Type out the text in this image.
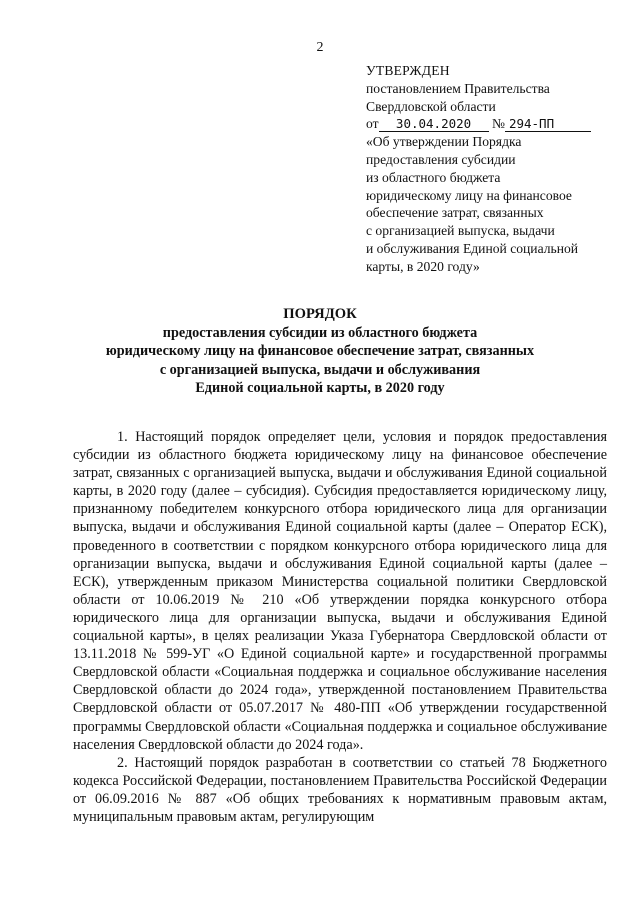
2
УТВЕРЖДЕН
постановлением Правительства
Свердловской области
от 30.04.2020 № 294-ПП
«Об утверждении Порядка
предоставления субсидии
из областного бюджета
юридическому лицу на финансовое
обеспечение затрат, связанных
с организацией выпуска, выдачи
и обслуживания Единой социальной
карты, в 2020 году»
ПОРЯДОК
предоставления субсидии из областного бюджета
юридическому лицу на финансовое обеспечение затрат, связанных
с организацией выпуска, выдачи и обслуживания
Единой социальной карты, в 2020 году

1. Настоящий порядок определяет цели, условия и порядок предоставления субсидии из областного бюджета юридическому лицу на финансовое обеспечение затрат, связанных с организацией выпуска, выдачи и обслуживания Единой социальной карты, в 2020 году (далее – субсидия). Субсидия предоставляется юридическому лицу, признанному победителем конкурсного отбора юридического лица для организации выпуска, выдачи и обслуживания Единой социальной карты (далее – Оператор ЕСК), проведенного в соответствии с порядком конкурсного отбора юридического лица для организации выпуска, выдачи и обслуживания Единой социальной карты (далее – ЕСК), утвержденным приказом Министерства социальной политики Свердловской области от 10.06.2019 № 210 «Об утверждении порядка конкурсного отбора юридического лица для организации выпуска, выдачи и обслуживания Единой социальной карты», в целях реализации Указа Губернатора Свердловской области от 13.11.2018 № 599-УГ «О Единой социальной карте» и государственной программы Свердловской области «Социальная поддержка и социальное обслуживание населения Свердловской области до 2024 года», утвержденной постановлением Правительства Свердловской области от 05.07.2017 № 480-ПП «Об утверждении государственной программы Свердловской области «Социальная поддержка и социальное обслуживание населения Свердловской области до 2024 года».

2. Настоящий порядок разработан в соответствии со статьей 78 Бюджетного кодекса Российской Федерации, постановлением Правительства Российской Федерации от 06.09.2016 № 887 «Об общих требованиях к нормативным правовым актам, муниципальным правовым актам, регулирующим
